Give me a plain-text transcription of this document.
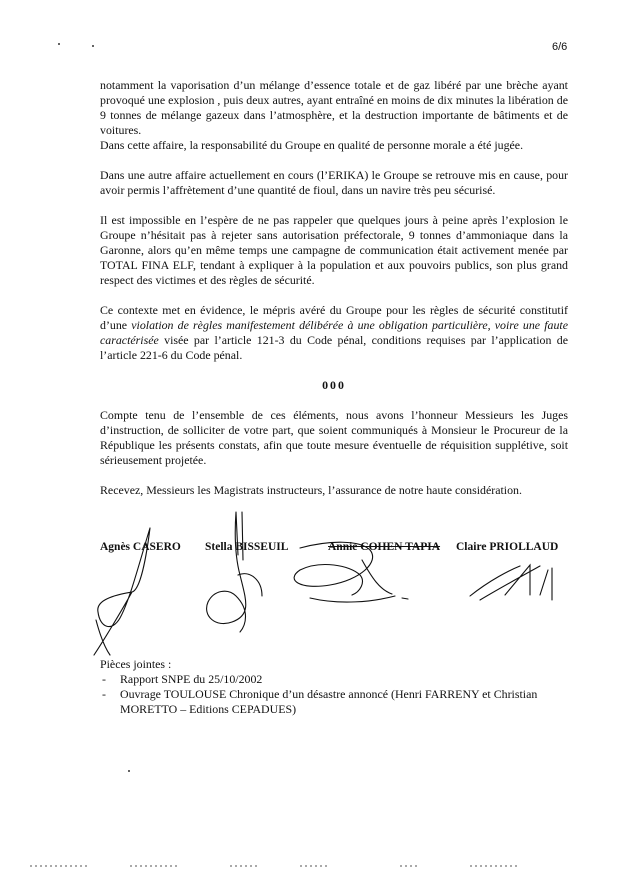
6/6

notamment la vaporisation d’un mélange d’essence totale et de gaz libéré par une brèche ayant provoqué une explosion , puis deux autres, ayant entraîné en moins de dix minutes la libération de 9 tonnes de mélange gazeux dans l’atmosphère, et la destruction importante de bâtiments et de voitures.

Dans cette affaire, la responsabilité du Groupe en qualité de personne morale a été jugée.

Dans une autre affaire actuellement en cours (l’ERIKA) le Groupe se retrouve mis en cause, pour avoir permis l’affrètement d’une quantité de fioul, dans un navire très peu sécurisé.

Il est impossible en l’espère de ne pas rappeler que quelques jours à peine après l’explosion le Groupe n’hésitait pas à rejeter sans autorisation préfectorale, 9 tonnes d’ammoniaque dans la Garonne, alors qu’en même temps une campagne de communication était activement menée par TOTAL FINA ELF, tendant à expliquer à la population et aux pouvoirs publics, son plus grand respect des victimes et des règles de sécurité.

Ce contexte met en évidence, le mépris avéré du Groupe pour les règles de sécurité constitutif d’une violation de règles manifestement délibérée à une obligation particulière, voire une faute caractérisée visée par l’article 121-3 du Code pénal, conditions requises par l’application de l’article 221-6 du Code pénal.

000

Compte tenu de l’ensemble de ces éléments, nous avons l’honneur Messieurs les Juges d’instruction, de solliciter de votre part, que soient communiqués à Monsieur le Procureur de la République les présents constats, afin que toute mesure éventuelle de réquisition supplétive, soit sérieusement projetée.

Recevez, Messieurs les Magistrats instructeurs, l’assurance de notre haute considération.

Agnès CASERO Stella BISSEUIL	Annie COHEN TAPIA Claire PRIOLLAUD

Pièces jointes :

- Rapport SNPE du 25/10/2002
- Ouvrage TOULOUSE Chronique d’un désastre annoncé (Henri FARRENY et Christian MORETTO – Editions CEPADUES)
